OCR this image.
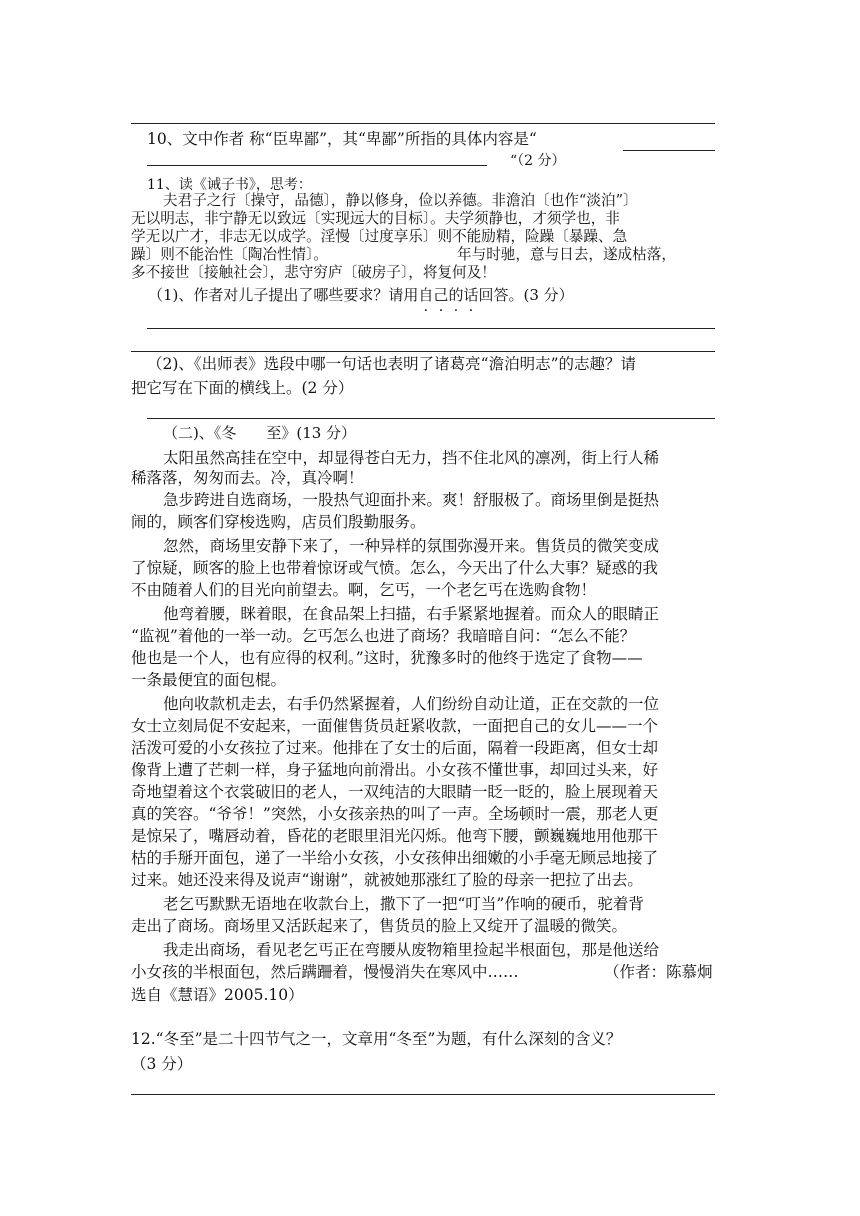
10、文中作者 称“臣卑鄙”，其“卑鄙”所指的具体内容是“
“（2 分）
11、读《诫子书》，思考：
夫君子之行〔操守，品德〕，静以修身，俭以养德。非澹泊〔也作“淡泊”〕
无以明志，非宁静无以致远〔实现远大的目标〕。夫学须静也，才须学也，非
学无以广才，非志无以成学。淫慢〔过度享乐〕则不能励精，险躁〔暴躁、急
躁〕则不能治性〔陶冶性情〕。	年与时驰，意与日去，遂成枯落，
多不接世〔接触社会〕，悲守穷庐〔破房子〕，将复何及！
（1)、作者对儿子提出了哪些要求？请用自己的话回答。(3 分）
（2)、《出师表》选段中哪一句话也表明了诸葛亮“澹泊明志”的志趣？请
把它写在下面的横线上。(2 分）
（二)、《冬　　至》(13 分）
太阳虽然高挂在空中，却显得苍白无力，挡不住北风的凛冽，街上行人稀
稀落落，匆匆而去。冷，真冷啊！
急步跨进自选商场，一股热气迎面扑来。爽！舒服极了。商场里倒是挺热
闹的，顾客们穿梭选购，店员们殷勤服务。
忽然，商场里安静下来了，一种异样的氛围弥漫开来。售货员的微笑变成
了惊疑，顾客的脸上也带着惊讶或气愤。怎么，今天出了什么大事？疑惑的我
不由随着人们的目光向前望去。啊，乞丐，一个老乞丐在选购食物！
他弯着腰，眯着眼，在食品架上扫描，右手紧紧地握着。而众人的眼睛正
“监视”着他的一举一动。乞丐怎么也进了商场？我暗暗自问：“怎么不能？
他也是一个人，也有应得的权利。”这时，犹豫多时的他终于选定了食物——
一条最便宜的面包棍。
他向收款机走去，右手仍然紧握着，人们纷纷自动让道，正在交款的一位
女士立刻局促不安起来，一面催售货员赶紧收款，一面把自己的女儿——一个
活泼可爱的小女孩拉了过来。他排在了女士的后面，隔着一段距离，但女士却
像背上遭了芒刺一样，身子猛地向前滑出。小女孩不懂世事，却回过头来，好
奇地望着这个衣裳破旧的老人，一双纯洁的大眼睛一眨一眨的，脸上展现着天
真的笑容。“爷爷！”突然，小女孩亲热的叫了一声。全场顿时一震，那老人更
是惊呆了，嘴唇动着，昏花的老眼里泪光闪烁。他弯下腰，颤巍巍地用他那干
枯的手掰开面包，递了一半给小女孩，小女孩伸出细嫩的小手毫无顾忌地接了
过来。她还没来得及说声“谢谢”，就被她那涨红了脸的母亲一把拉了出去。
老乞丐默默无语地在收款台上，撒下了一把“叮当”作响的硬币，驼着背
走出了商场。商场里又活跃起来了，售货员的脸上又绽开了温暖的微笑。
我走出商场，看见老乞丐正在弯腰从废物箱里捡起半根面包，那是他送给
小女孩的半根面包，然后蹒跚着，慢慢消失在寒风中……	（作者：陈慕炯
选自《慧语》2005.10）
12.“冬至”是二十四节气之一，文章用“冬至”为题，有什么深刻的含义？
（3 分）
